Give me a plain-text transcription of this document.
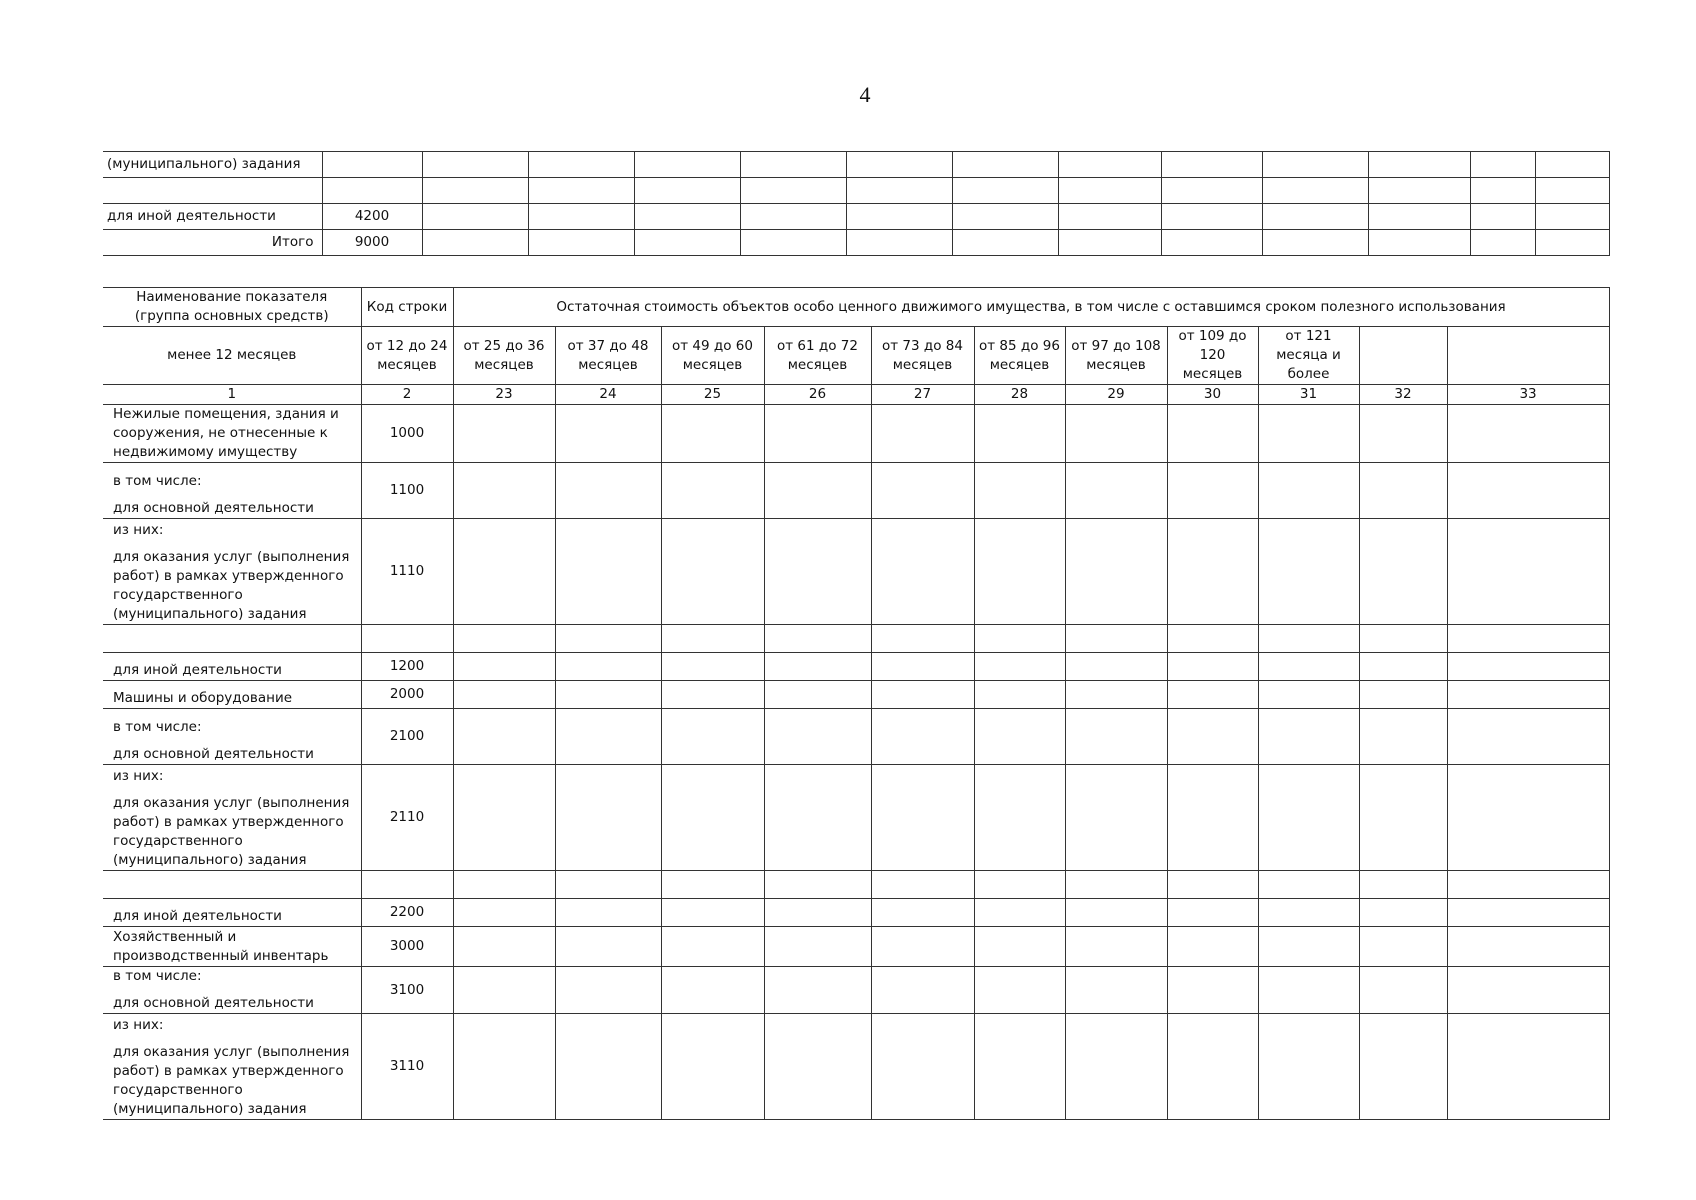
4
(муниципального) задания													

для иной деятельности	4200												
Итого	9000												
Наименование показателя (группа основных средств)	Код строки	Остаточная стоимость объектов особо ценного движимого имущества, в том числе с оставшимся сроком полезного использования										
менее 12 месяцев	от 12 до 24 месяцев	от 25 до 36 месяцев	от 37 до 48 месяцев	от 49 до 60 месяцев	от 61 до 72 месяцев	от 73 до 84 месяцев	от 85 до 96 месяцев	от 97 до 108 месяцев	от 109 до 120 месяцев	от 121 месяца и более		
1	2	23	24	25	26	27	28	29	30	31	32	33

Нежилые помещения, здания и сооружения, не отнесенные к недвижимому имуществу	1000											

в том числе:
для основной деятельности	1100											

из них:
для оказания услуг (выполнения работ) в рамках утвержденного государственного (муниципального) задания	1110											

для иной деятельности	1200											

Машины и оборудование	2000											

в том числе:
для основной деятельности	2100											

из них:
для оказания услуг (выполнения работ) в рамках утвержденного государственного (муниципального) задания	2110											

для иной деятельности	2200											

Хозяйственный и производственный инвентарь	3000											

в том числе:
для основной деятельности	3100											

из них:
для оказания услуг (выполнения работ) в рамках утвержденного государственного (муниципального) задания	3110											
